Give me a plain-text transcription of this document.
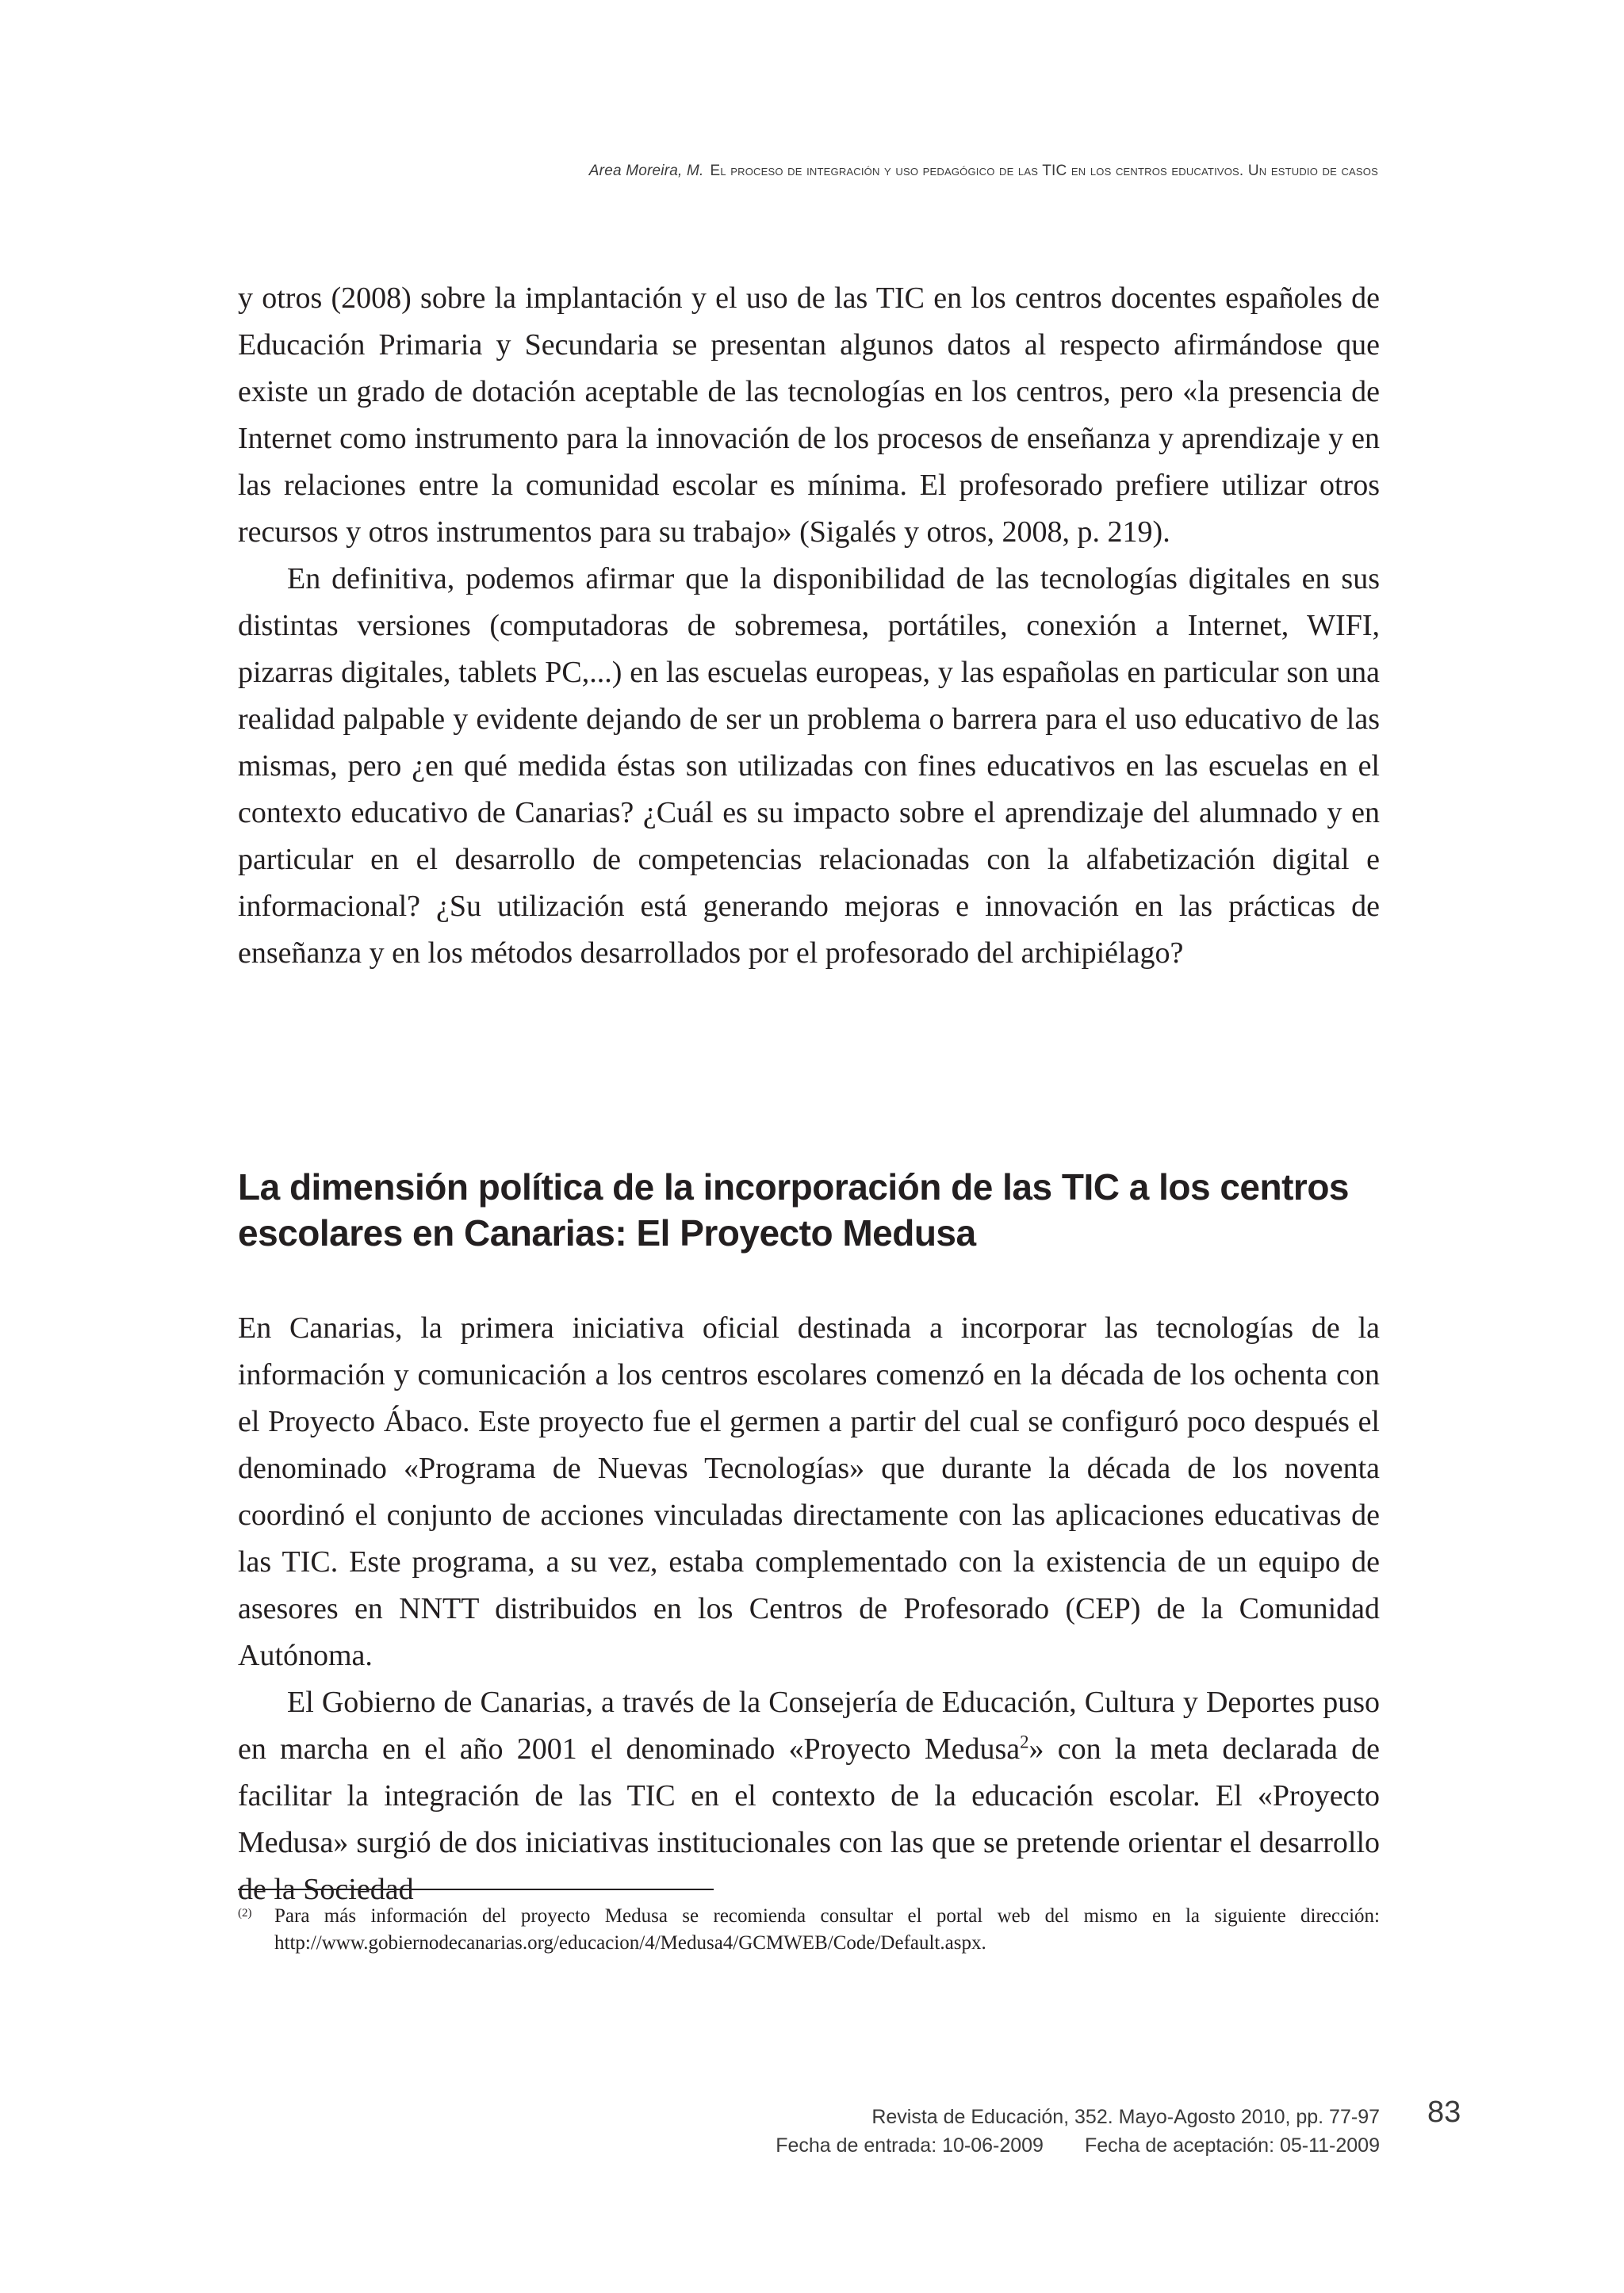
Area Moreira, M. El proceso de integración y uso pedagógico de las TIC en los centros educativos. Un estudio de casos

y otros (2008) sobre la implantación y el uso de las TIC en los centros docentes españoles de Educación Primaria y Secundaria se presentan algunos datos al respecto afirmándose que existe un grado de dotación aceptable de las tecnologías en los centros, pero «la presencia de Internet como instrumento para la innovación de los procesos de enseñanza y aprendizaje y en las relaciones entre la comunidad escolar es mínima. El profesorado prefiere utilizar otros recursos y otros instrumentos para su trabajo» (Sigalés y otros, 2008, p. 219).

En definitiva, podemos afirmar que la disponibilidad de las tecnologías digitales en sus distintas versiones (computadoras de sobremesa, portátiles, conexión a Internet, WIFI, pizarras digitales, tablets PC,...) en las escuelas europeas, y las españolas en particular son una realidad palpable y evidente dejando de ser un problema o barrera para el uso educativo de las mismas, pero ¿en qué medida éstas son utilizadas con fines educativos en las escuelas en el contexto educativo de Canarias? ¿Cuál es su impacto sobre el aprendizaje del alumnado y en particular en el desarrollo de competencias relacionadas con la alfabetización digital e informacional? ¿Su utilización está generando mejoras e innovación en las prácticas de enseñanza y en los métodos desarrollados por el profesorado del archipiélago?

La dimensión política de la incorporación de las TIC a los centros escolares en Canarias: El Proyecto Medusa

En Canarias, la primera iniciativa oficial destinada a incorporar las tecnologías de la información y comunicación a los centros escolares comenzó en la década de los ochenta con el Proyecto Ábaco. Este proyecto fue el germen a partir del cual se configuró poco después el denominado «Programa de Nuevas Tecnologías» que durante la década de los noventa coordinó el conjunto de acciones vinculadas directamente con las aplicaciones educativas de las TIC. Este programa, a su vez, estaba complementado con la existencia de un equipo de asesores en NNTT distribuidos en los Centros de Profesorado (CEP) de la Comunidad Autónoma.

El Gobierno de Canarias, a través de la Consejería de Educación, Cultura y Deportes puso en marcha en el año 2001 el denominado «Proyecto Medusa$^2$» con la meta declarada de facilitar la integración de las TIC en el contexto de la educación escolar. El «Proyecto Medusa» surgió de dos iniciativas institucionales con las que se pretende orientar el desarrollo de la Sociedad

(2) Para más información del proyecto Medusa se recomienda consultar el portal web del mismo en la siguiente dirección: http://www.gobiernodecanarias.org/educacion/4/Medusa4/GCMWEB/Code/Default.aspx.
Revista de Educación, 352. Mayo-Agosto 2010, pp. 77-97
Fecha de entrada: 10-06-2009 Fecha de aceptación: 05-11-2009
83
